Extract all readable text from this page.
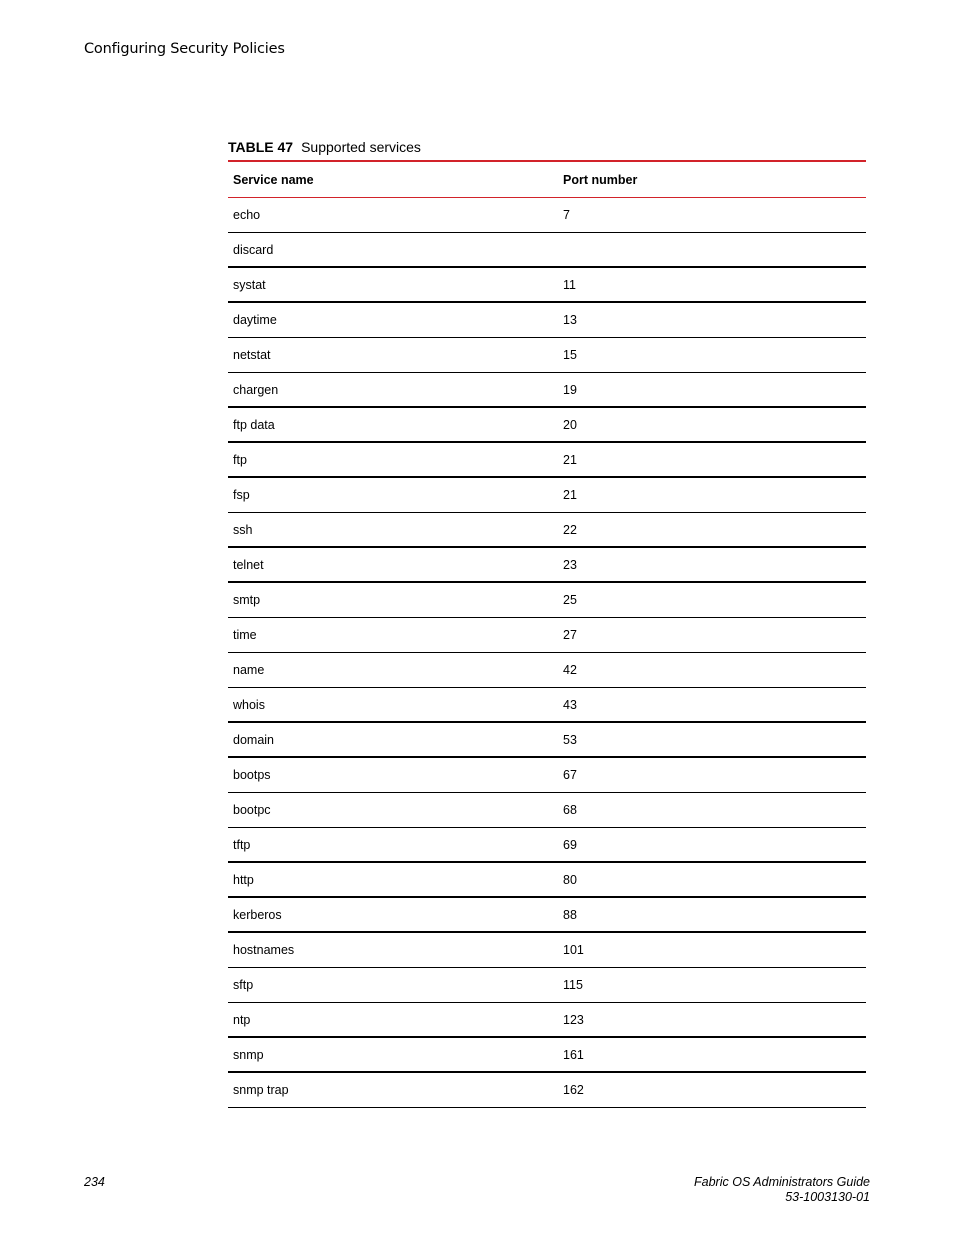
Configuring Security Policies
TABLE 47 Supported services
Service name	Port number
echo	7
discard
systat	11
daytime	13
netstat	15
chargen	19
ftp data	20
ftp	21
fsp	21
ssh	22
telnet	23
smtp	25
time	27
name	42
whois	43
domain	53
bootps	67
bootpc	68
tftp	69
http	80
kerberos	88
hostnames	101
sftp	115
ntp	123
snmp	161
snmp trap	162
234	Fabric OS Administrators Guide
53-1003130-01
